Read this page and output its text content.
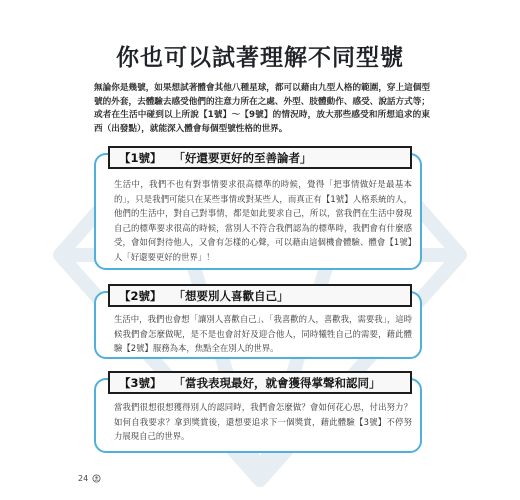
你也可以試著理解不同型號

無論你是幾號，如果想試著體會其他八種星球，都可以藉由九型人格的範圍，穿上這個型號的外套，去體驗去感受他們的注意力所在之處、外型、肢體動作、感受、說話方式等；或者在生活中碰到以上所說【1號】～【9號】的情況時，放大那些感受和所想追求的東西（出發點），就能深入體會每個型號性格的世界。

【1號】 「好還要更好的至善論者」

生活中，我們不也有對事情要求很高標準的時候，覺得「把事情做好是最基本的」，只是我們可能只在某些事情或對某些人，而真正有【1號】人格系統的人，他們的生活中，對自己對事情，都是如此要求自己，所以，當我們在生活中發現自己的標準要求很高的時候，當別人不符合我們認為的標準時，我們會有什麼感受，會如何對待他人，又會有怎樣的心聲，可以藉由這個機會體驗、體會【1號】人「好還要更好的世界」！

【2號】 「想要別人喜歡自己」

生活中，我們也會想「讓別人喜歡自己」、「我喜歡的人，喜歡我，需要我」，這時候我們會怎麼做呢，是不是也會討好及迎合他人，同時犧牲自己的需要，藉此體驗【2號】服務為本，焦點全在別人的世界。

【3號】 「當我表現最好，就會獲得掌聲和認同」

當我們很想很想獲得別人的認同時，我們會怎麼做？會如何花心思，付出努力？如何自我要求？拿到獎賞後，還想要追求下一個獎賞，藉此體驗【3號】不停努力展現自己的世界。

24
